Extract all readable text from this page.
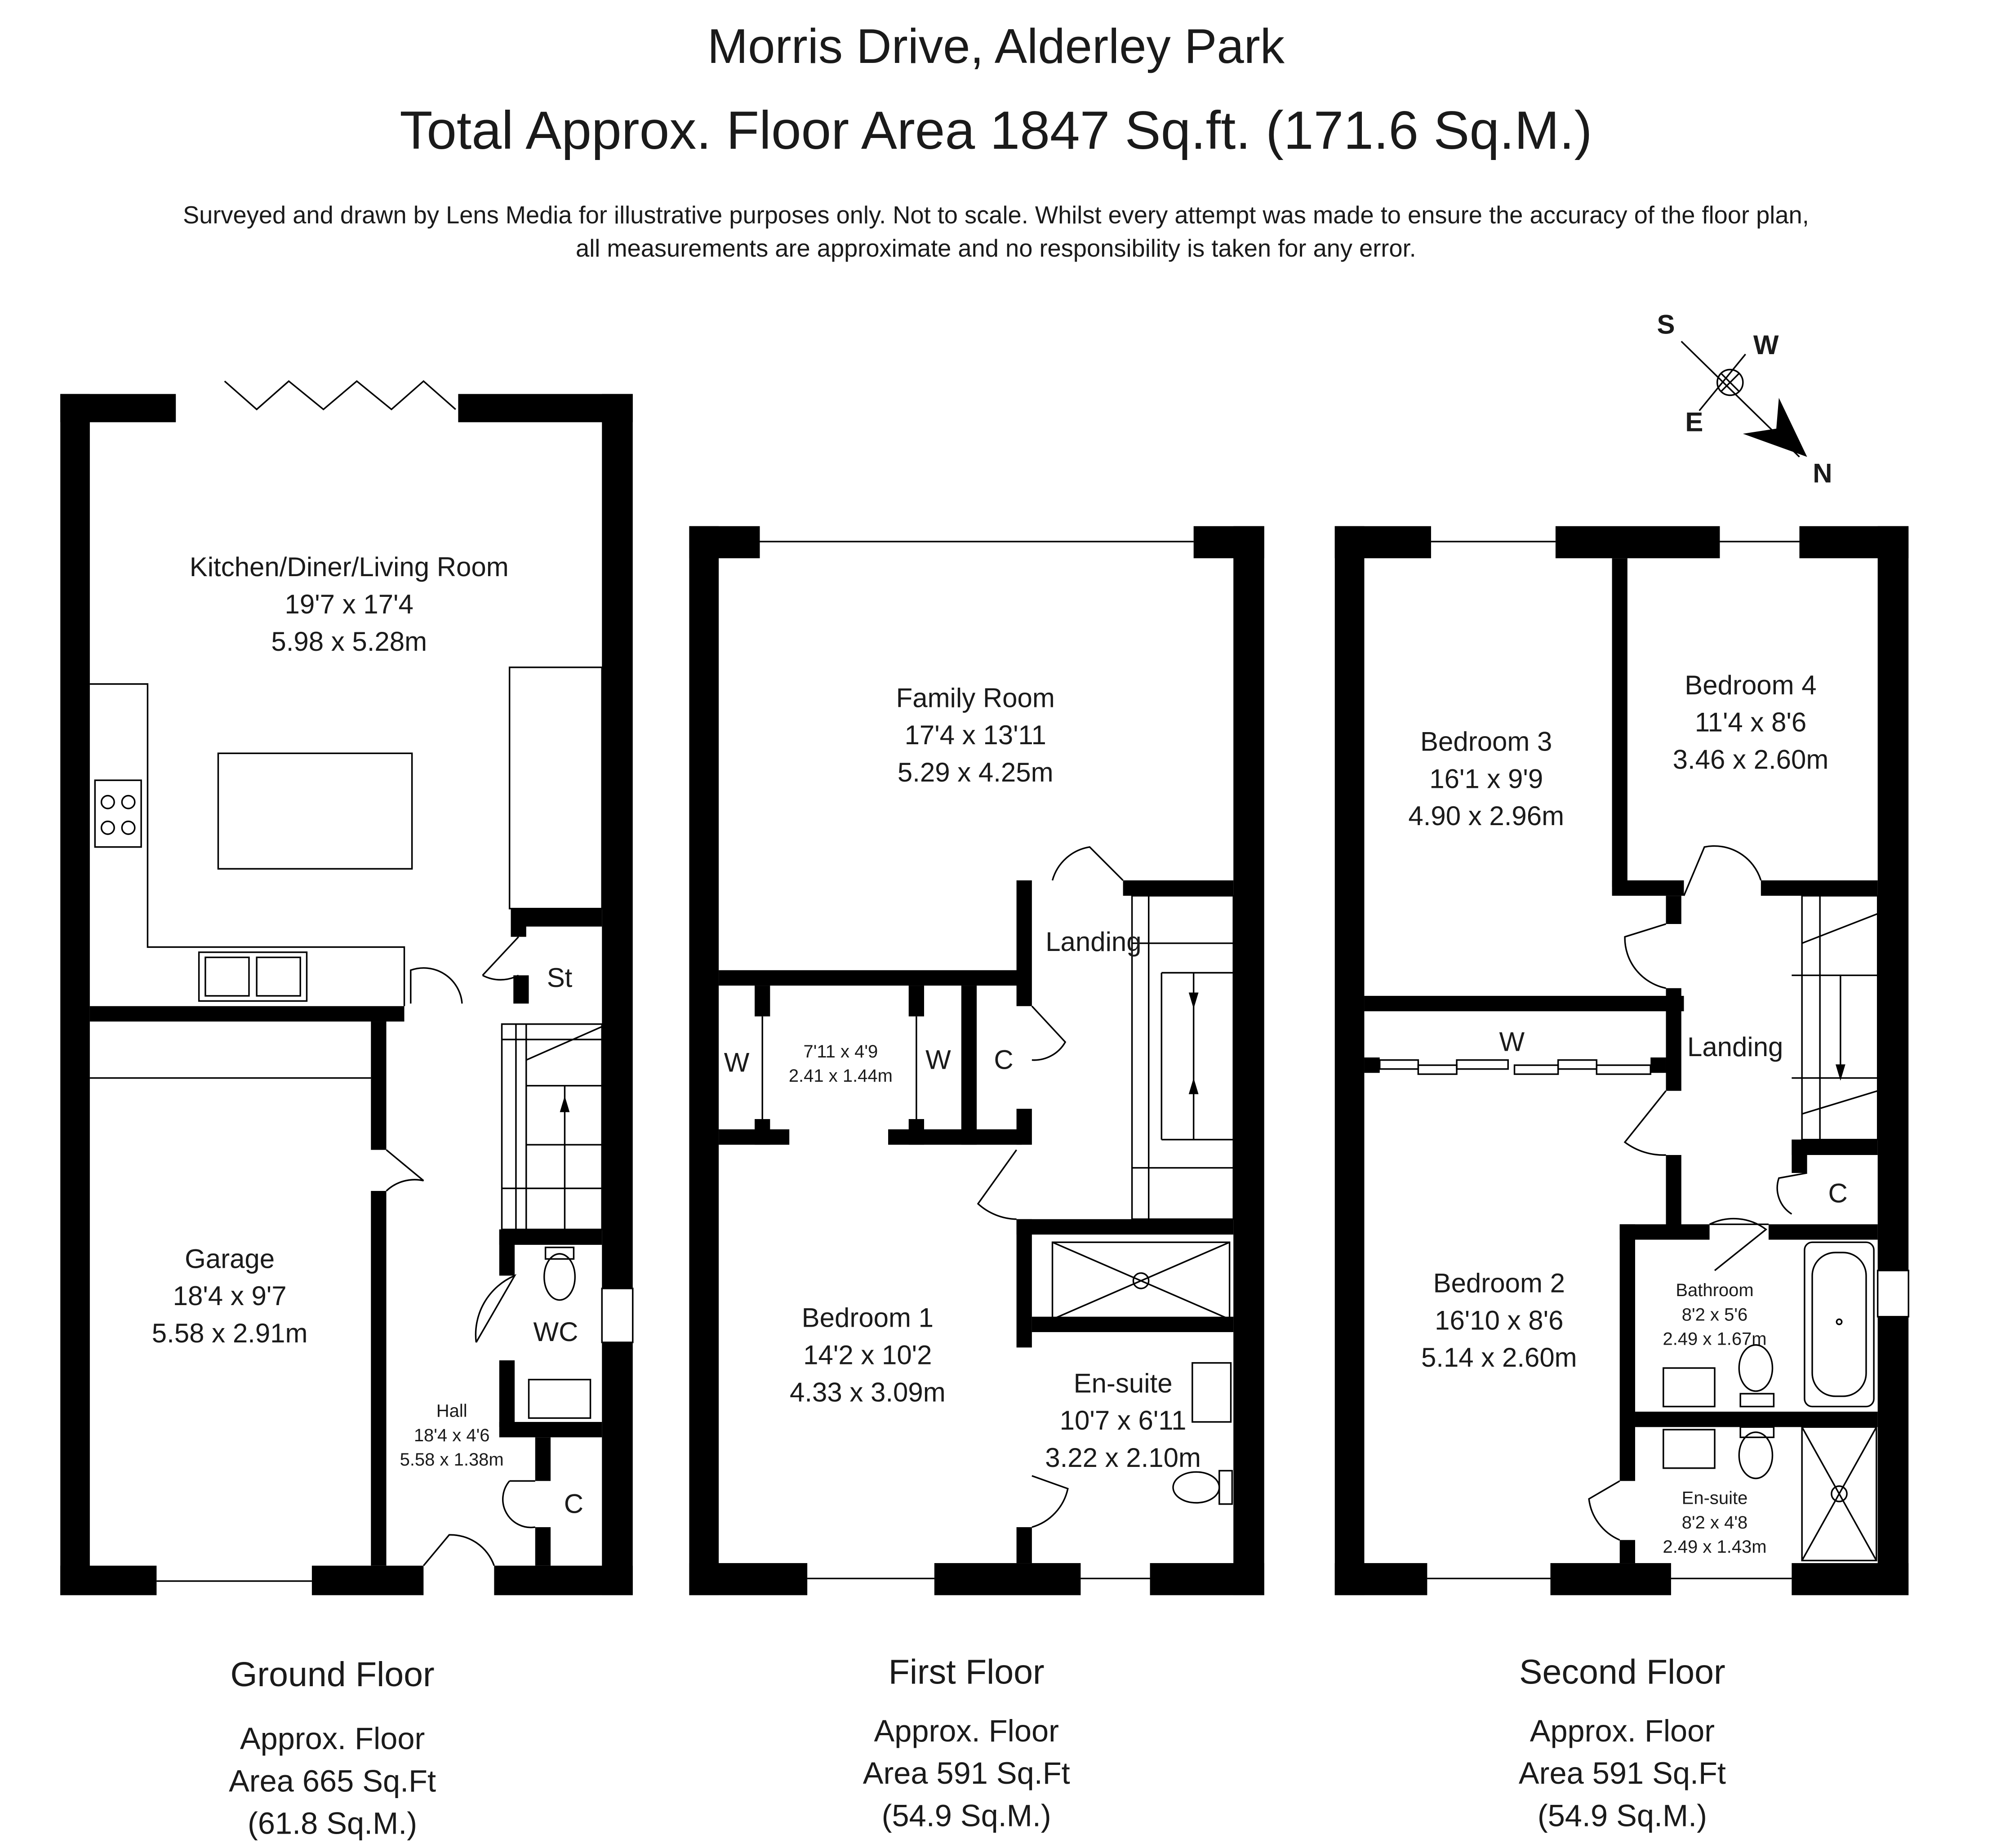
Morris Drive, Alderley Park
Total Approx. Floor Area 1847 Sq.ft. (171.6 Sq.M.)
Surveyed and drawn by Lens Media for illustrative purposes only. Not to scale. Whilst every attempt was made to ensure the accuracy of the floor plan,
all measurements are approximate and no responsibility is taken for any error.
S
W
E
N
Kitchen/Diner/Living Room
19'7 x 17'4
5.98 x 5.28m
St
Garage
18'4 x 9'7
5.58 x 2.91m	WC
Hall
18'4 x 4'6
5.58 x 1.38m
C
Family Room
17'4 x 13'11
5.29 x 4.25m
Landing
W	7'11 x 4'9
2.41 x 1.44m	W	C
Bedroom 1
14'2 x 10'2
4.33 x 3.09m	En-suite
10'7 x 6'11
3.22 x 2.10m
Bedroom 3
16'1 x 9'9
4.90 x 2.96m
Bedroom 4
11'4 x 8'6
3.46 x 2.60m
W	Landing
C
Bedroom 2
16'10 x 8'6
5.14 x 2.60m
Bathroom
8'2 x 5'6
2.49 x 1.67m
En-suite
8'2 x 4'8
2.49 x 1.43m
Ground Floor
Approx. Floor
Area 665 Sq.Ft
(61.8 Sq.M.)
First Floor
Approx. Floor
Area 591 Sq.Ft
(54.9 Sq.M.)
Second Floor
Approx. Floor
Area 591 Sq.Ft
(54.9 Sq.M.)
